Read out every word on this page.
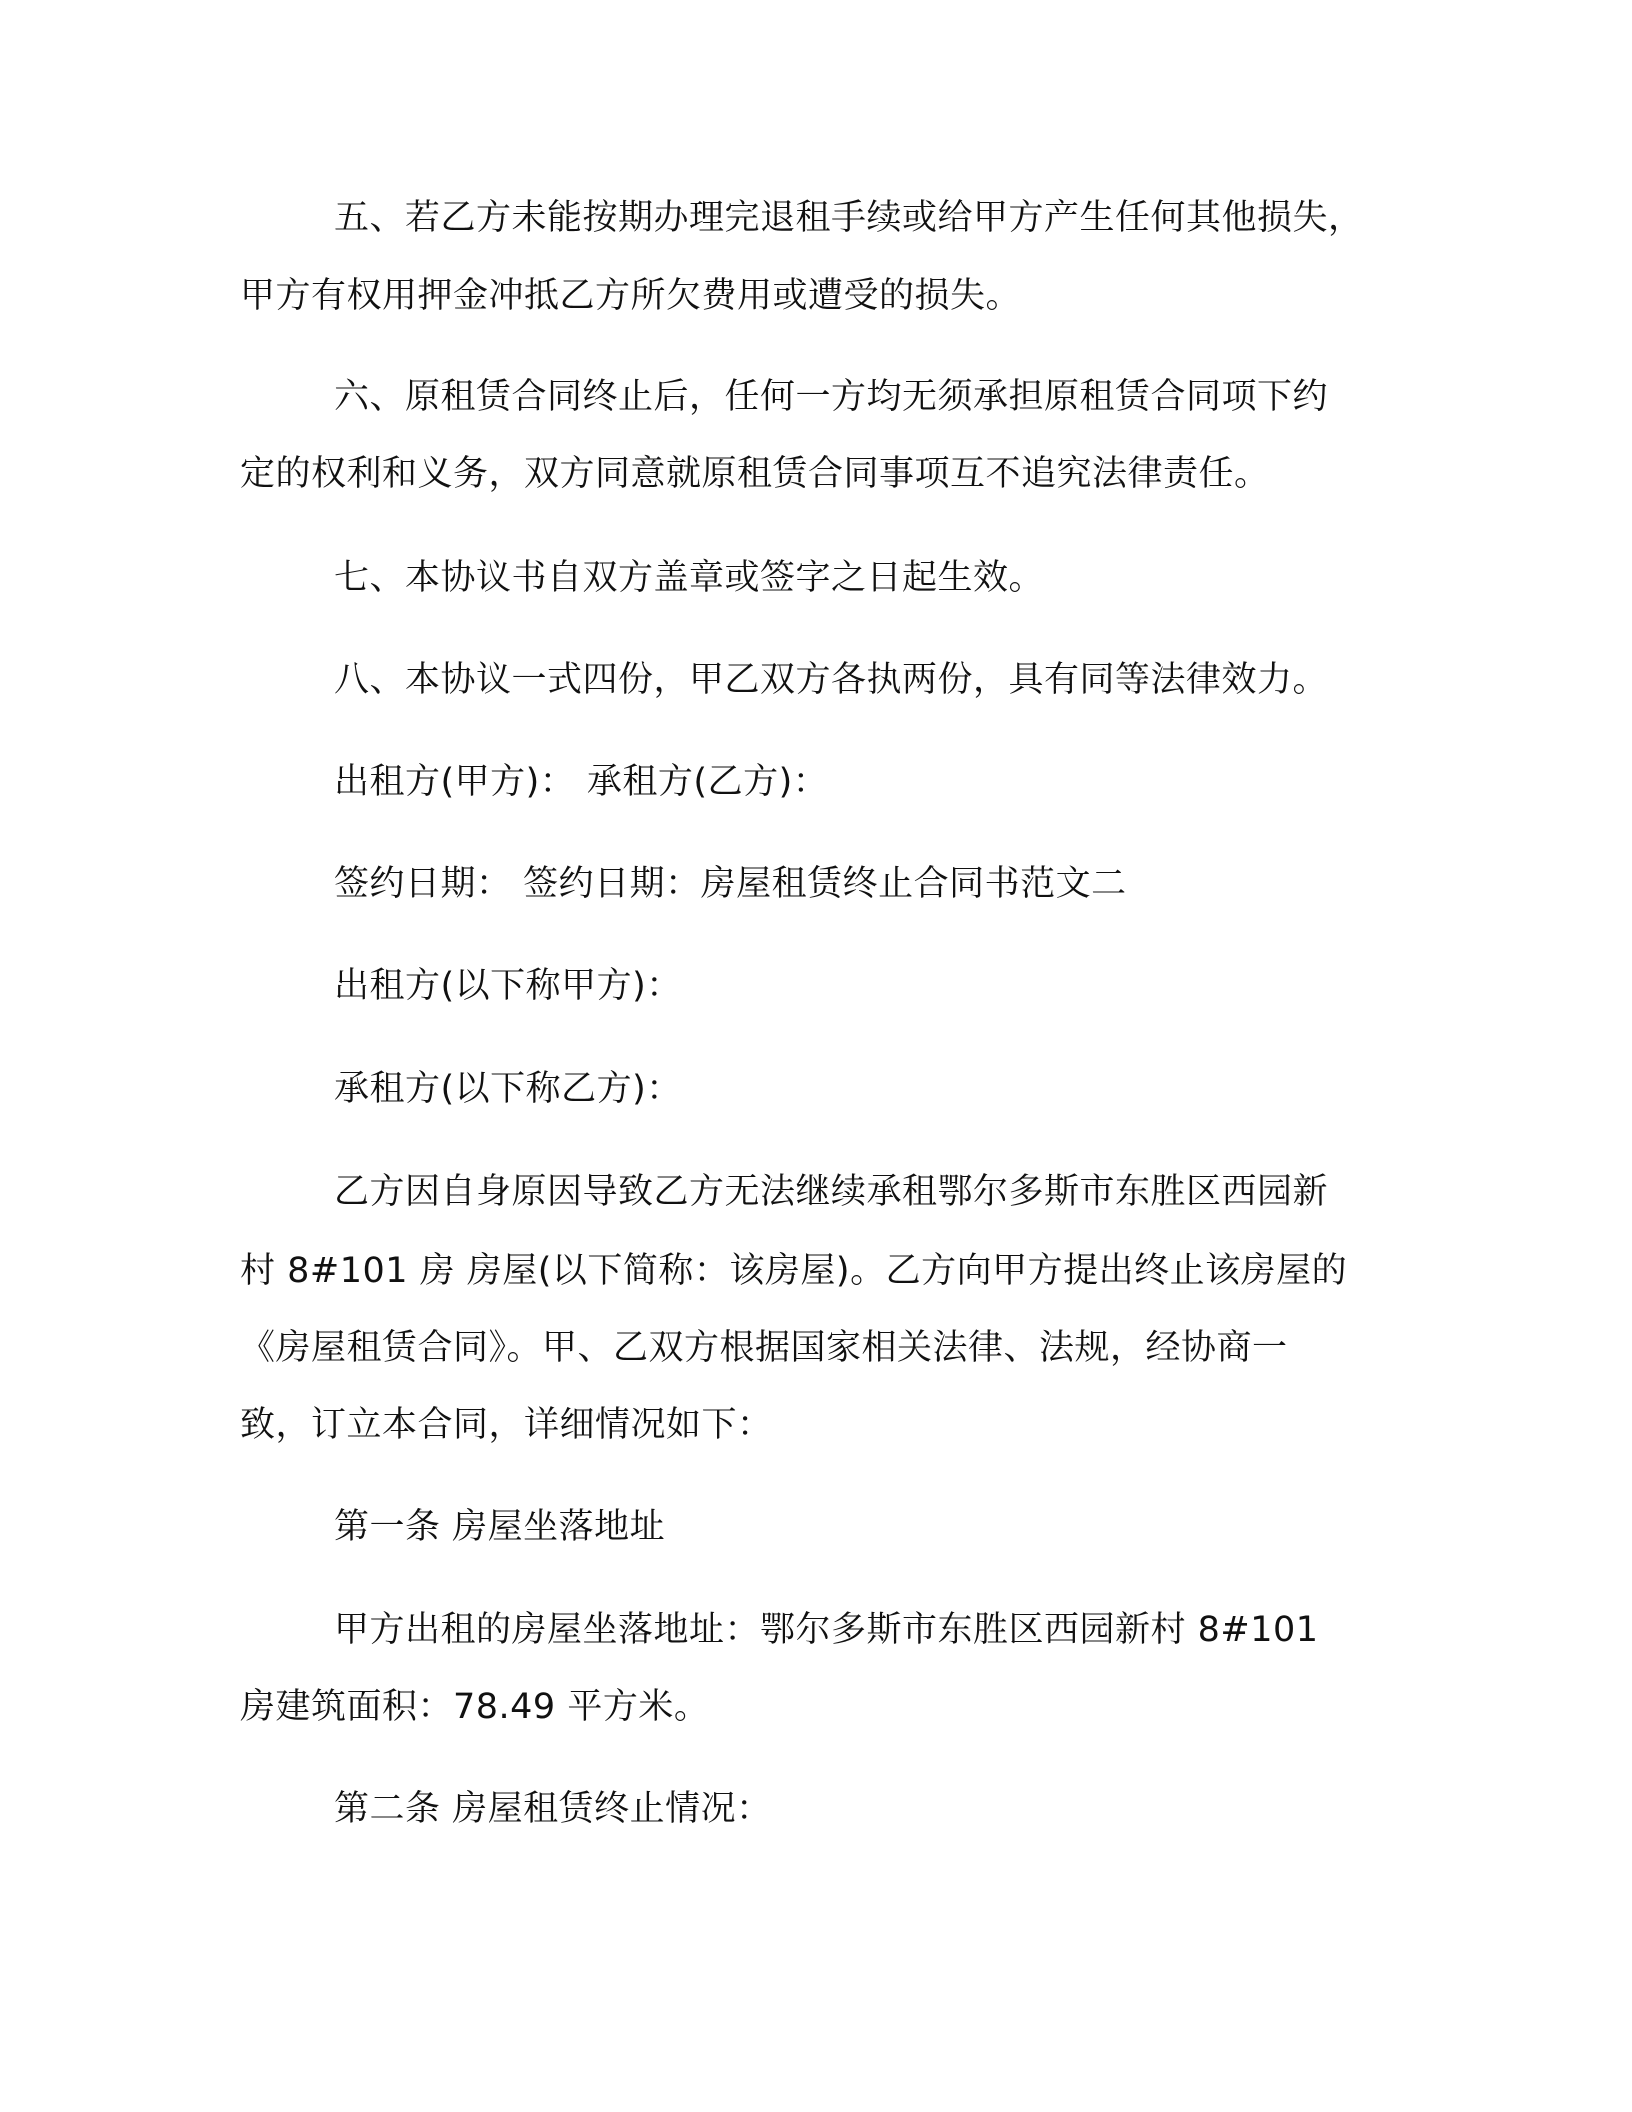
五、若乙方未能按期办理完退租手续或给甲方产生任何其他损失，
甲方有权用押金冲抵乙方所欠费用或遭受的损失。
六、原租赁合同终止后，任何一方均无须承担原租赁合同项下约
定的权利和义务，双方同意就原租赁合同事项互不追究法律责任。
七、本协议书自双方盖章或签字之日起生效。
八、本协议一式四份，甲乙双方各执两份，具有同等法律效力。
出租方(甲方)： 承租方(乙方)：
签约日期： 签约日期：房屋租赁终止合同书范文二
出租方(以下称甲方)：
承租方(以下称乙方)：
乙方因自身原因导致乙方无法继续承租鄂尔多斯市东胜区西园新
村 8#101 房 房屋(以下简称：该房屋)。乙方向甲方提出终止该房屋的
《房屋租赁合同》。甲、乙双方根据国家相关法律、法规，经协商一
致，订立本合同，详细情况如下：
第一条 房屋坐落地址
甲方出租的房屋坐落地址：鄂尔多斯市东胜区西园新村 8#101
房建筑面积：78.49 平方米。
第二条 房屋租赁终止情况：
